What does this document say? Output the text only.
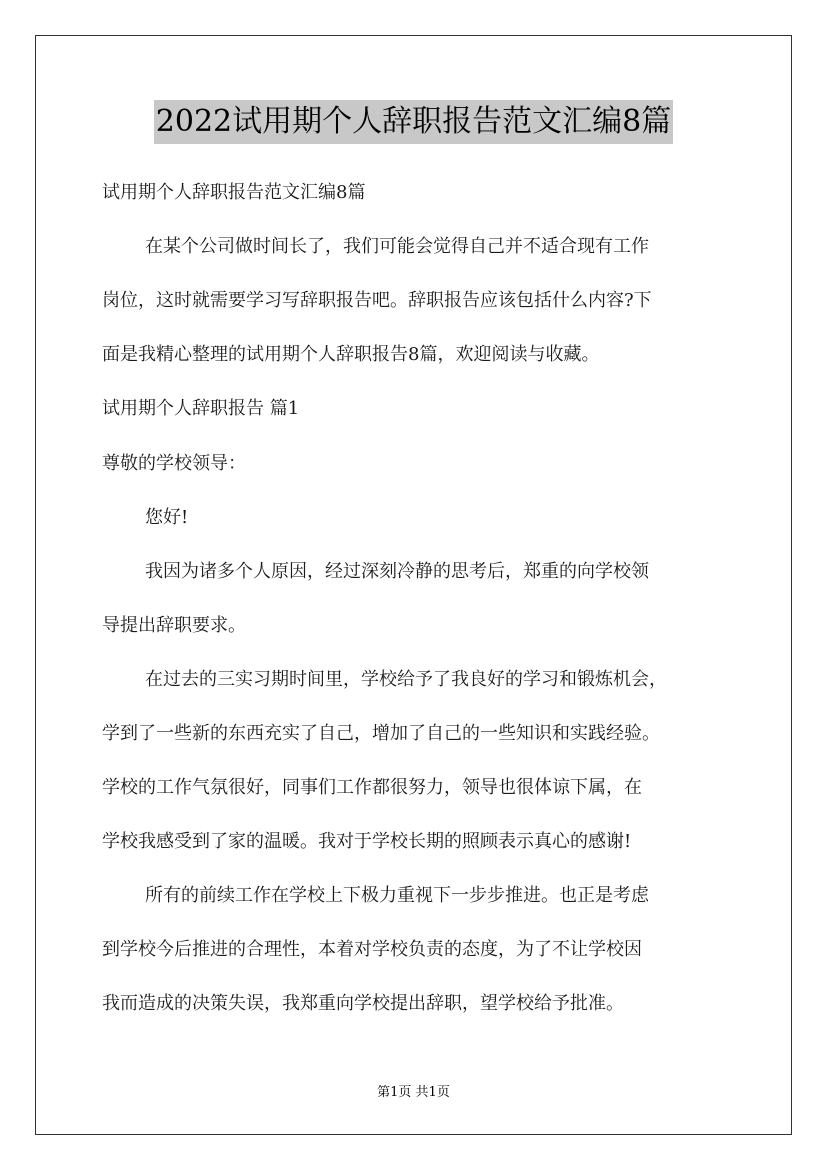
2022试用期个人辞职报告范文汇编8篇
试用期个人辞职报告范文汇编8篇
在某个公司做时间长了，我们可能会觉得自己并不适合现有工作
岗位，这时就需要学习写辞职报告吧。辞职报告应该包括什么内容?下
面是我精心整理的试用期个人辞职报告8篇，欢迎阅读与收藏。
试用期个人辞职报告 篇1
尊敬的学校领导：
您好!
我因为诸多个人原因，经过深刻冷静的思考后，郑重的向学校领
导提出辞职要求。
在过去的三实习期时间里，学校给予了我良好的学习和锻炼机会，
学到了一些新的东西充实了自己，增加了自己的一些知识和实践经验。
学校的工作气氛很好，同事们工作都很努力，领导也很体谅下属，在
学校我感受到了家的温暖。我对于学校长期的照顾表示真心的感谢!
所有的前续工作在学校上下极力重视下一步步推进。也正是考虑
到学校今后推进的合理性，本着对学校负责的态度，为了不让学校因
我而造成的决策失误，我郑重向学校提出辞职，望学校给予批准。
第1页 共1页
